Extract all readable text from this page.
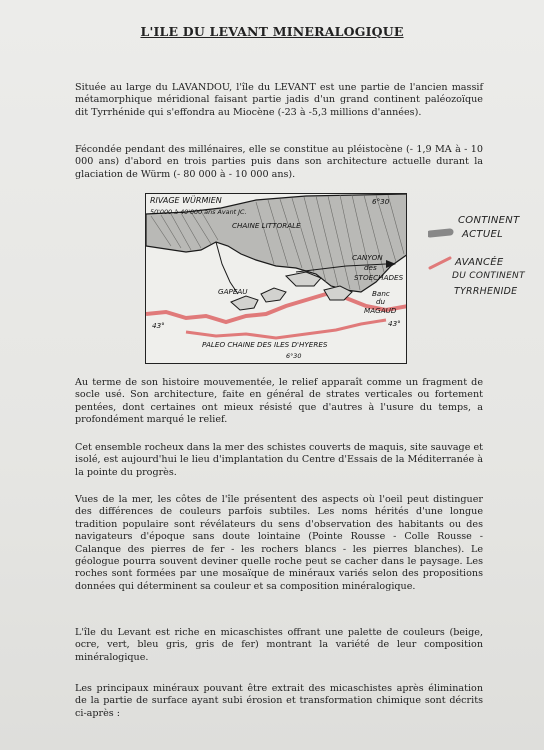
L'ILE DU LEVANT MINERALOGIQUE

Située au large du LAVANDOU, l'île du LEVANT est une partie de l'ancien massif métamorphique méridional faisant partie jadis d'un grand continent paléozoïque dit Tyrrhénide qui s'effondra au Miocène (-23 à -5,3 millions d'années).

Fécondée pendant des millénaires, elle se constitue au pléistocène (- 1,9 MA à - 10 000 ans) d'abord en trois parties puis dans son architecture actuelle durant la glaciation de Würm (- 80 000 à - 10 000 ans).

RIVAGE WÜRMIEN
50'000 à 40'000 ans Avant JC.
6°30
CHAINE LITTORALE
CANYON
des
STOECHADES
Banc
du
MAGAUD
GAPEAU
43°	43°
PALEO CHAINE DES ILES D'HYERES
6°30
CONTINENT
ACTUEL
AVANCÉE
DU CONTINENT
TYRRHENIDE

Au terme de son histoire mouvementée, le relief apparaît comme un fragment de socle usé. Son architecture, faite en général de strates verticales ou fortement pentées, dont certaines ont mieux résisté que d'autres à l'usure du temps, a profondément marqué le relief.

Cet ensemble rocheux dans la mer des schistes couverts de maquis, site sauvage et isolé, est aujourd'hui le lieu d'implantation du Centre d'Essais de la Méditerranée à la pointe du progrès.

Vues de la mer, les côtes de l'île présentent des aspects où l'oeil peut distinguer des différences de couleurs parfois subtiles. Les noms hérités d'une longue tradition populaire sont révélateurs du sens d'observation des habitants ou des navigateurs d'époque sans doute lointaine (Pointe Rousse - Colle Rousse - Calanque des pierres de fer - les rochers blancs - les pierres blanches). Le géologue pourra souvent deviner quelle roche peut se cacher dans le paysage. Les roches sont formées par une mosaïque de minéraux variés selon des propositions données qui déterminent sa couleur et sa composition minéralogique.

L'île du Levant est riche en micaschistes offrant une palette de couleurs (beige, ocre, vert, bleu gris, gris de fer) montrant la variété de leur composition minéralogique.

Les principaux minéraux pouvant être extrait des micaschistes après élimination de la partie de surface ayant subi érosion et transformation chimique sont décrits ci-après :
